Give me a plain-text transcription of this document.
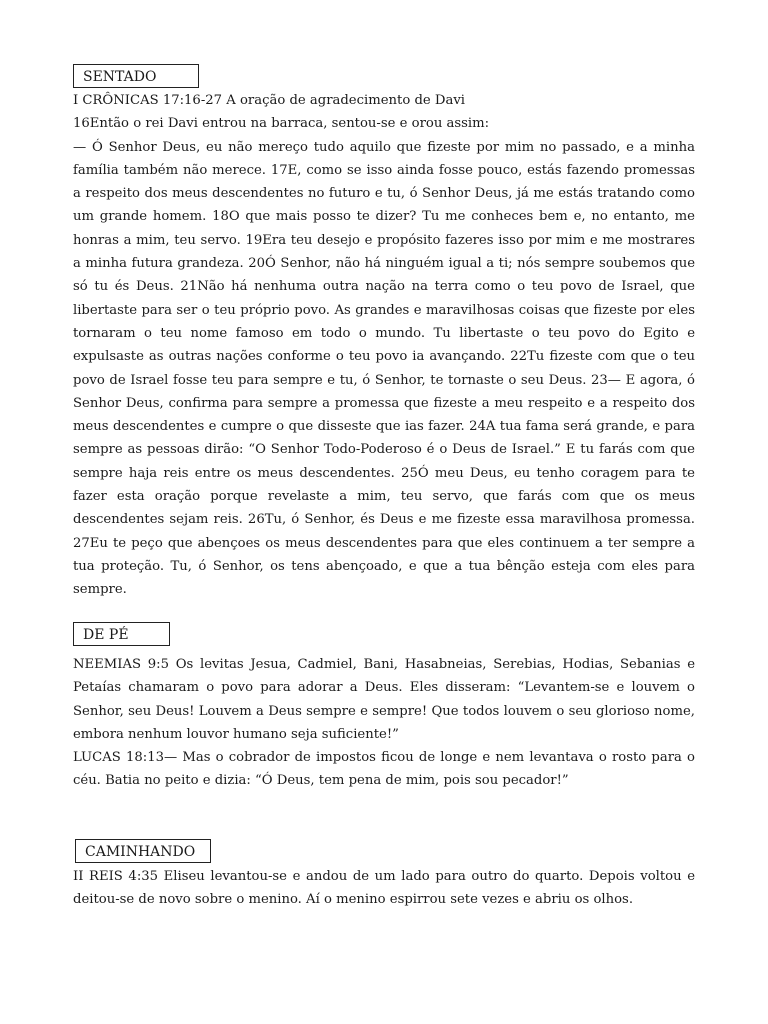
SENTADO

I CRÔNICAS 17:16-27 A oração de agradecimento de Davi

16Então o rei Davi entrou na barraca, sentou-se e orou assim:

— Ó Senhor Deus, eu não mereço tudo aquilo que fizeste por mim no passado, e a minha família também não merece. 17E, como se isso ainda fosse pouco, estás fazendo promessas a respeito dos meus descendentes no futuro e tu, ó Senhor Deus, já me estás tratando como um grande homem. 18O que mais posso te dizer? Tu me conheces bem e, no entanto, me honras a mim, teu servo. 19Era teu desejo e propósito fazeres isso por mim e me mostrares a minha futura grandeza. 20Ó Senhor, não há ninguém igual a ti; nós sempre soubemos que só tu és Deus. 21Não há nenhuma outra nação na terra como o teu povo de Israel, que libertaste para ser o teu próprio povo. As grandes e maravilhosas coisas que fizeste por eles tornaram o teu nome famoso em todo o mundo. Tu libertaste o teu povo do Egito e expulsaste as outras nações conforme o teu povo ia avançando. 22Tu fizeste com que o teu povo de Israel fosse teu para sempre e tu, ó Senhor, te tornaste o seu Deus. 23— E agora, ó Senhor Deus, confirma para sempre a promessa que fizeste a meu respeito e a respeito dos meus descendentes e cumpre o que disseste que ias fazer. 24A tua fama será grande, e para sempre as pessoas dirão: “O Senhor Todo-Poderoso é o Deus de Israel.” E tu farás com que sempre haja reis entre os meus descendentes. 25Ó meu Deus, eu tenho coragem para te fazer esta oração porque revelaste a mim, teu servo, que farás com que os meus descendentes sejam reis. 26Tu, ó Senhor, és Deus e me fizeste essa maravilhosa promessa. 27Eu te peço que abençoes os meus descendentes para que eles continuem a ter sempre a tua proteção. Tu, ó Senhor, os tens abençoado, e que a tua bênção esteja com eles para sempre.

DE PÉ

NEEMIAS 9:5 Os levitas Jesua, Cadmiel, Bani, Hasabneias, Serebias, Hodias, Sebanias e Petaías chamaram o povo para adorar a Deus. Eles disseram: “Levantem-se e louvem o Senhor, seu Deus! Louvem a Deus sempre e sempre! Que todos louvem o seu glorioso nome, embora nenhum louvor humano seja suficiente!”

LUCAS 18:13— Mas o cobrador de impostos ficou de longe e nem levantava o rosto para o céu. Batia no peito e dizia: “Ó Deus, tem pena de mim, pois sou pecador!”

CAMINHANDO

II REIS 4:35 Eliseu levantou-se e andou de um lado para outro do quarto. Depois voltou e deitou-se de novo sobre o menino. Aí o menino espirrou sete vezes e abriu os olhos.
